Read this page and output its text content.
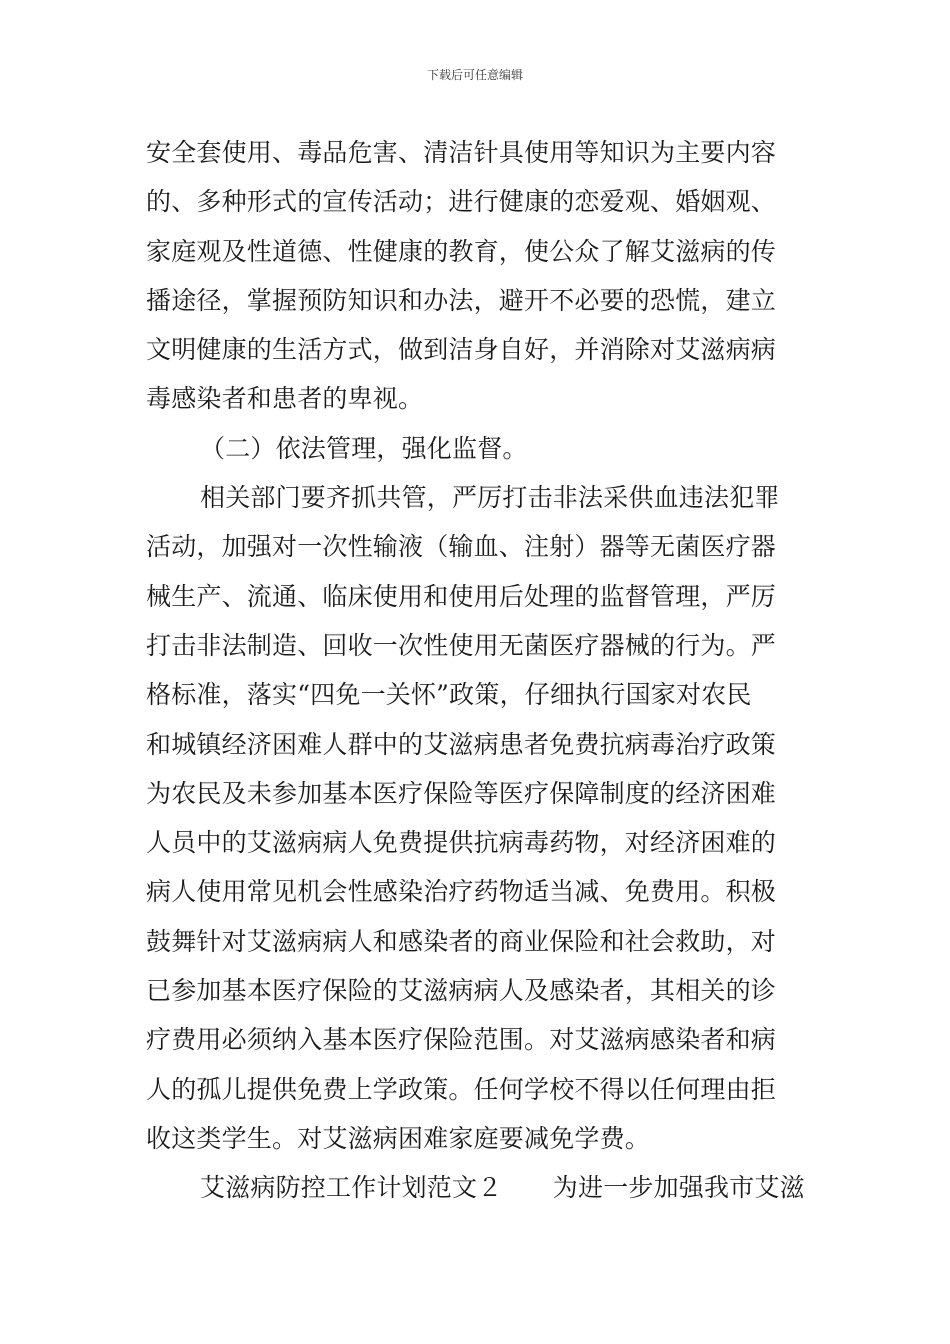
下载后可任意编辑
安全套使用、毒品危害、清洁针具使用等知识为主要内容
的、多种形式的宣传活动；进行健康的恋爱观、婚姻观、
家庭观及性道德、性健康的教育，使公众了解艾滋病的传
播途径，掌握预防知识和办法，避开不必要的恐慌，建立
文明健康的生活方式，做到洁身自好，并消除对艾滋病病
毒感染者和患者的卑视。
（二）依法管理，强化监督。
相关部门要齐抓共管，严厉打击非法采供血违法犯罪
活动，加强对一次性输液（输血、注射）器等无菌医疗器
械生产、流通、临床使用和使用后处理的监督管理，严厉
打击非法制造、回收一次性使用无菌医疗器械的行为。严
格标准，落实“四免一关怀”政策，仔细执行国家对农民
和城镇经济困难人群中的艾滋病患者免费抗病毒治疗政策
为农民及未参加基本医疗保险等医疗保障制度的经济困难
人员中的艾滋病病人免费提供抗病毒药物，对经济困难的
病人使用常见机会性感染治疗药物适当减、免费用。积极
鼓舞针对艾滋病病人和感染者的商业保险和社会救助，对
已参加基本医疗保险的艾滋病病人及感染者，其相关的诊
疗费用必须纳入基本医疗保险范围。对艾滋病感染者和病
人的孤儿提供免费上学政策。任何学校不得以任何理由拒
收这类学生。对艾滋病困难家庭要减免学费。
艾滋病防控工作计划范文２　　为进一步加强我市艾滋
